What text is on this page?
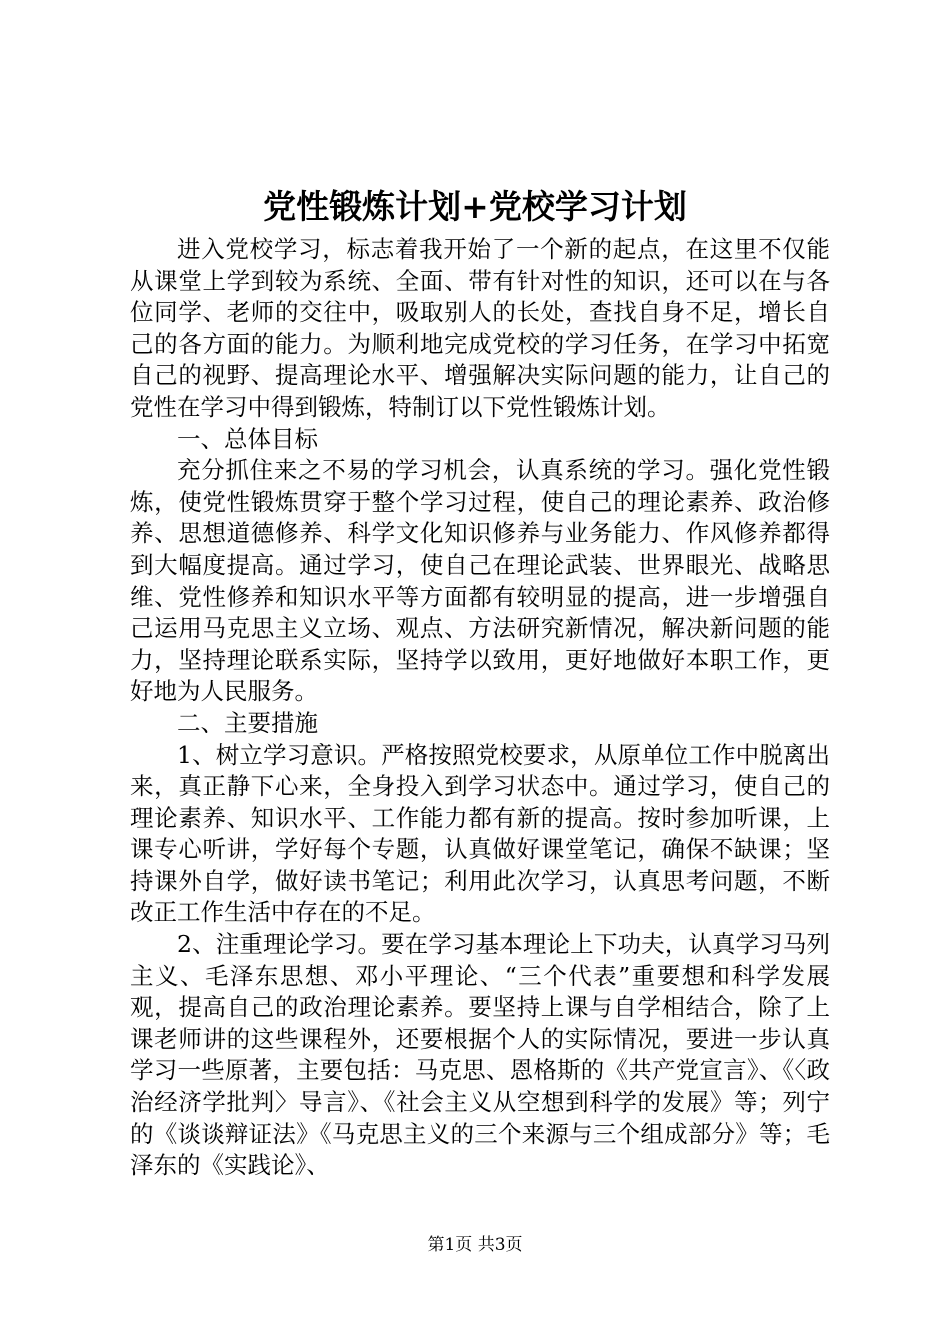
党性锻炼计划+党校学习计划

进入党校学习，标志着我开始了一个新的起点，在这里不仅能从课堂上学到较为系统、全面、带有针对性的知识，还可以在与各位同学、老师的交往中，吸取别人的长处，查找自身不足，增长自己的各方面的能力。为顺利地完成党校的学习任务，在学习中拓宽自己的视野、提高理论水平、增强解决实际问题的能力，让自己的党性在学习中得到锻炼，特制订以下党性锻炼计划。

一、总体目标

充分抓住来之不易的学习机会，认真系统的学习。强化党性锻炼，使党性锻炼贯穿于整个学习过程，使自己的理论素养、政治修养、思想道德修养、科学文化知识修养与业务能力、作风修养都得到大幅度提高。通过学习，使自己在理论武装、世界眼光、战略思维、党性修养和知识水平等方面都有较明显的提高，进一步增强自己运用马克思主义立场、观点、方法研究新情况，解决新问题的能力，坚持理论联系实际，坚持学以致用，更好地做好本职工作，更好地为人民服务。

二、主要措施

1、树立学习意识。严格按照党校要求，从原单位工作中脱离出来，真正静下心来，全身投入到学习状态中。通过学习，使自己的理论素养、知识水平、工作能力都有新的提高。按时参加听课，上课专心听讲，学好每个专题，认真做好课堂笔记，确保不缺课；坚持课外自学，做好读书笔记；利用此次学习，认真思考问题，不断改正工作生活中存在的不足。

2、注重理论学习。要在学习基本理论上下功夫，认真学习马列主义、毛泽东思想、邓小平理论、“三个代表”重要想和科学发展观，提高自己的政治理论素养。要坚持上课与自学相结合，除了上课老师讲的这些课程外，还要根据个人的实际情况，要进一步认真学习一些原著，主要包括：马克思、恩格斯的《共产党宣言》、《〈政治经济学批判〉导言》、《社会主义从空想到科学的发展》等；列宁的《谈谈辩证法》《马克思主义的三个来源与三个组成部分》等；毛泽东的《实践论》、

第1页 共3页
